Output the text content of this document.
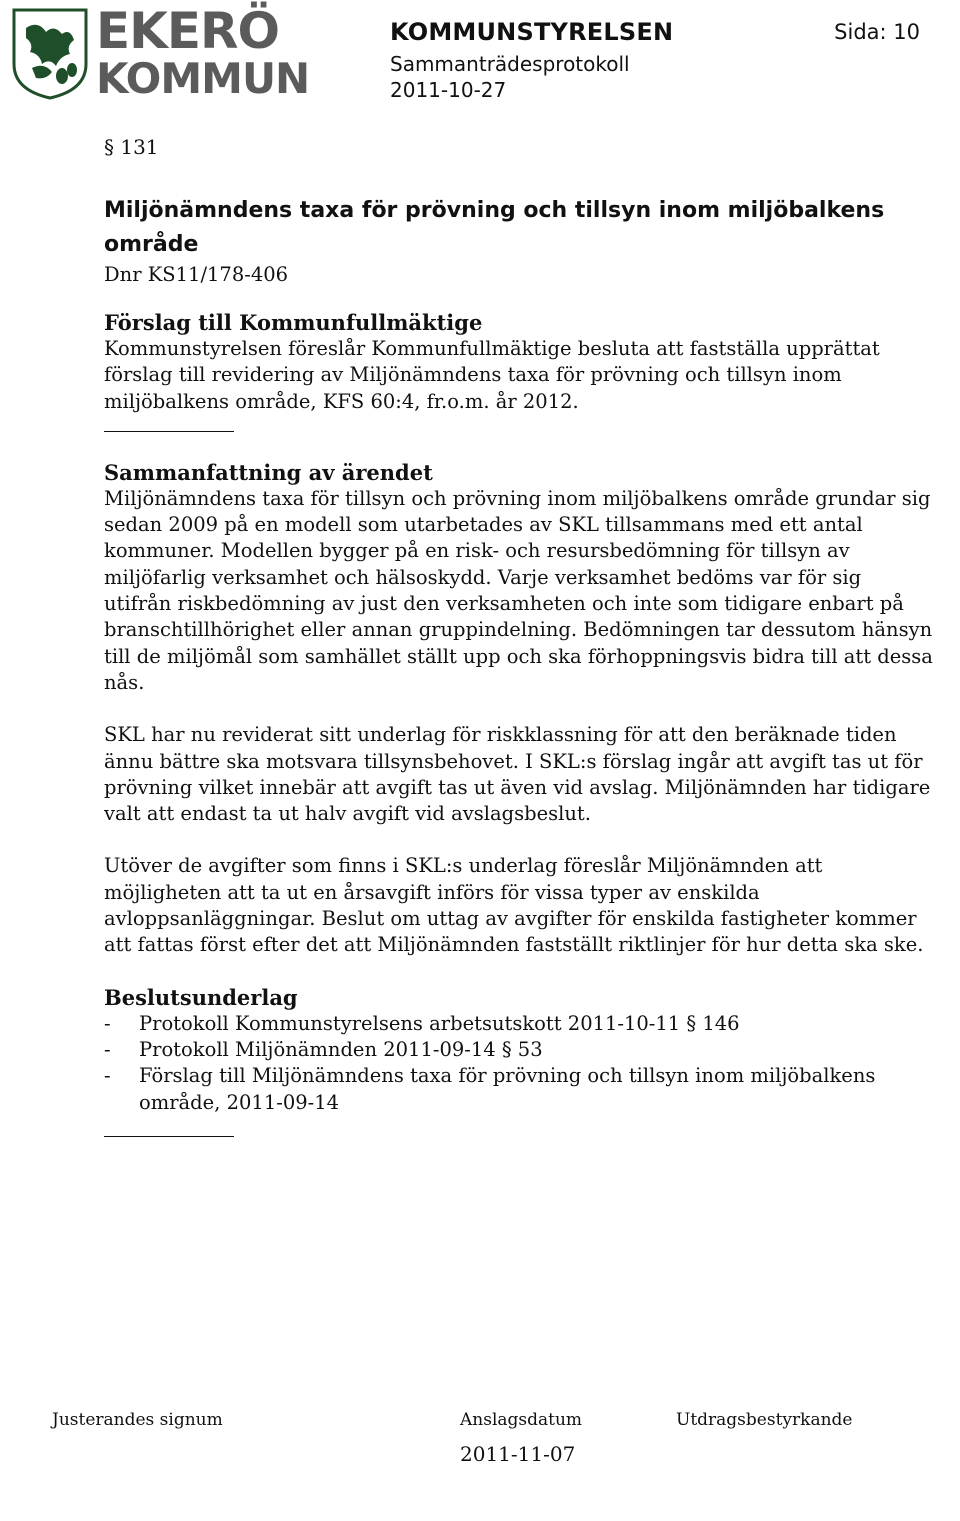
EKERÖ
KOMMUN
KOMMUNSTYRELSEN
Sammanträdesprotokoll
2011-10-27
Sida: 10

§ 131

Miljönämndens taxa för prövning och tillsyn inom miljöbalkens område
Dnr KS11/178-406

Förslag till Kommunfullmäktige

Kommunstyrelsen föreslår Kommunfullmäktige besluta att fastställa upprättat förslag till revidering av Miljönämndens taxa för prövning och tillsyn inom miljöbalkens område, KFS 60:4, fr.o.m. år 2012.

Sammanfattning av ärendet

Miljönämndens taxa för tillsyn och prövning inom miljöbalkens område grundar sig sedan 2009 på en modell som utarbetades av SKL tillsammans med ett antal kommuner. Modellen bygger på en risk- och resursbedömning för tillsyn av miljöfarlig verksamhet och hälsoskydd. Varje verksamhet bedöms var för sig utifrån riskbedömning av just den verksamheten och inte som tidigare enbart på branschtillhörighet eller annan gruppindelning. Bedömningen tar dessutom hänsyn till de miljömål som samhället ställt upp och ska förhoppningsvis bidra till att dessa nås.

SKL har nu reviderat sitt underlag för riskklassning för att den beräknade tiden ännu bättre ska motsvara tillsynsbehovet. I SKL:s förslag ingår att avgift tas ut för prövning vilket innebär att avgift tas ut även vid avslag. Miljönämnden har tidigare valt att endast ta ut halv avgift vid avslagsbeslut.

Utöver de avgifter som finns i SKL:s underlag föreslår Miljönämnden att möjligheten att ta ut en årsavgift införs för vissa typer av enskilda avloppsanläggningar. Beslut om uttag av avgifter för enskilda fastigheter kommer att fattas först efter det att Miljönämnden fastställt riktlinjer för hur detta ska ske.

Beslutsunderlag

- Protokoll Kommunstyrelsens arbetsutskott 2011-10-11 § 146
- Protokoll Miljönämnden 2011-09-14 § 53
- Förslag till Miljönämndens taxa för prövning och tillsyn inom miljöbalkens område, 2011-09-14
Justerandes signum	Anslagsdatum	Utdragsbestyrkande
2011-11-07
